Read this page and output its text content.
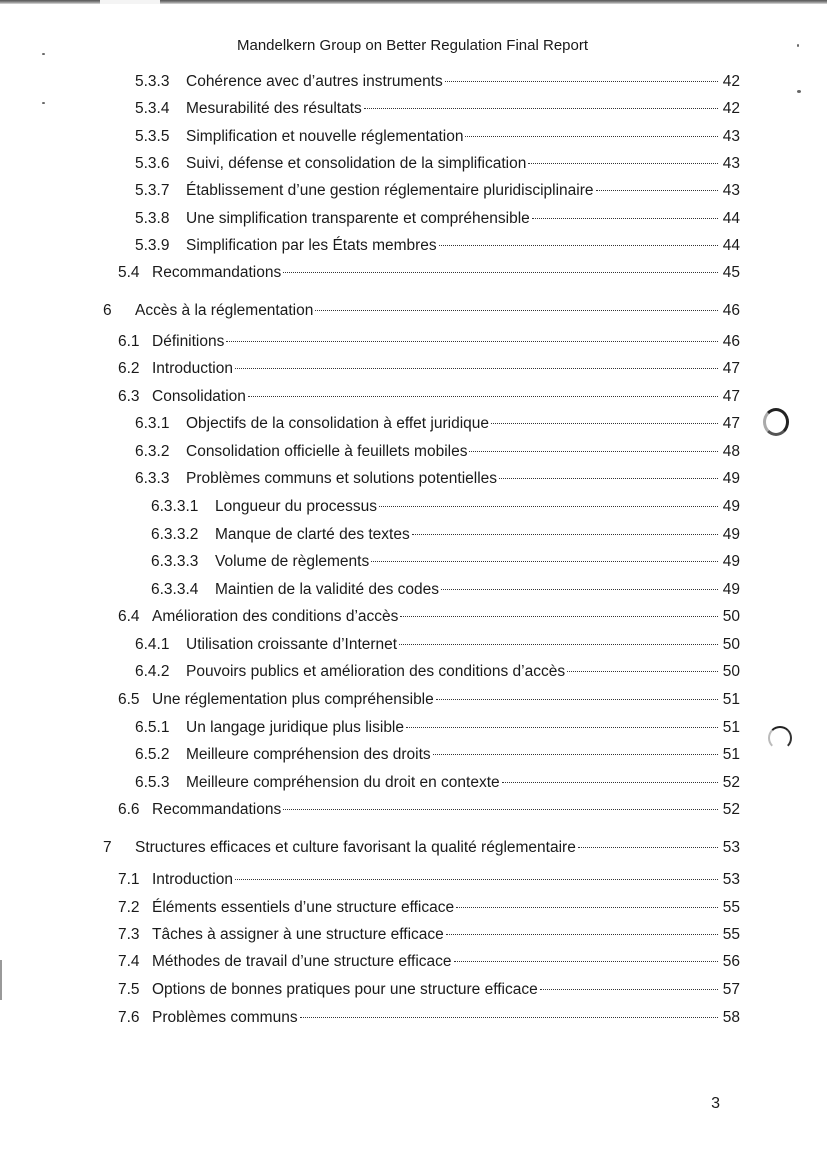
Mandelkern Group on Better Regulation Final Report
5.3.3	Cohérence avec d’autres instruments	42
5.3.4	Mesurabilité des résultats	42
5.3.5	Simplification et nouvelle réglementation	43
5.3.6	Suivi, défense et consolidation de la simplification	43
5.3.7	Établissement d’une gestion réglementaire pluridisciplinaire	43
5.3.8	Une simplification transparente et compréhensible	44
5.3.9	Simplification par les États membres	44
5.4 Recommandations	45
6	Accès à la réglementation	46
6.1 Définitions	46
6.2 Introduction	47
6.3 Consolidation	47
6.3.1	Objectifs de la consolidation à effet juridique	47
6.3.2	Consolidation officielle à feuillets mobiles	48
6.3.3	Problèmes communs et solutions potentielles	49
6.3.3.1	Longueur du processus	49
6.3.3.2	Manque de clarté des textes	49
6.3.3.3	Volume de règlements	49
6.3.3.4	Maintien de la validité des codes	49
6.4 Amélioration des conditions d’accès	50
6.4.1	Utilisation croissante d’Internet	50
6.4.2	Pouvoirs publics et amélioration des conditions d’accès	50
6.5 Une réglementation plus compréhensible	51
6.5.1	Un langage juridique plus lisible	51
6.5.2	Meilleure compréhension des droits	51
6.5.3	Meilleure compréhension du droit en contexte	52
6.6 Recommandations	52
7	Structures efficaces et culture favorisant la qualité réglementaire	53
7.1 Introduction	53
7.2 Éléments essentiels d’une structure efficace	55
7.3 Tâches à assigner à une structure efficace	55
7.4 Méthodes de travail d’une structure efficace	56
7.5 Options de bonnes pratiques pour une structure efficace	57
7.6 Problèmes communs	58
3
